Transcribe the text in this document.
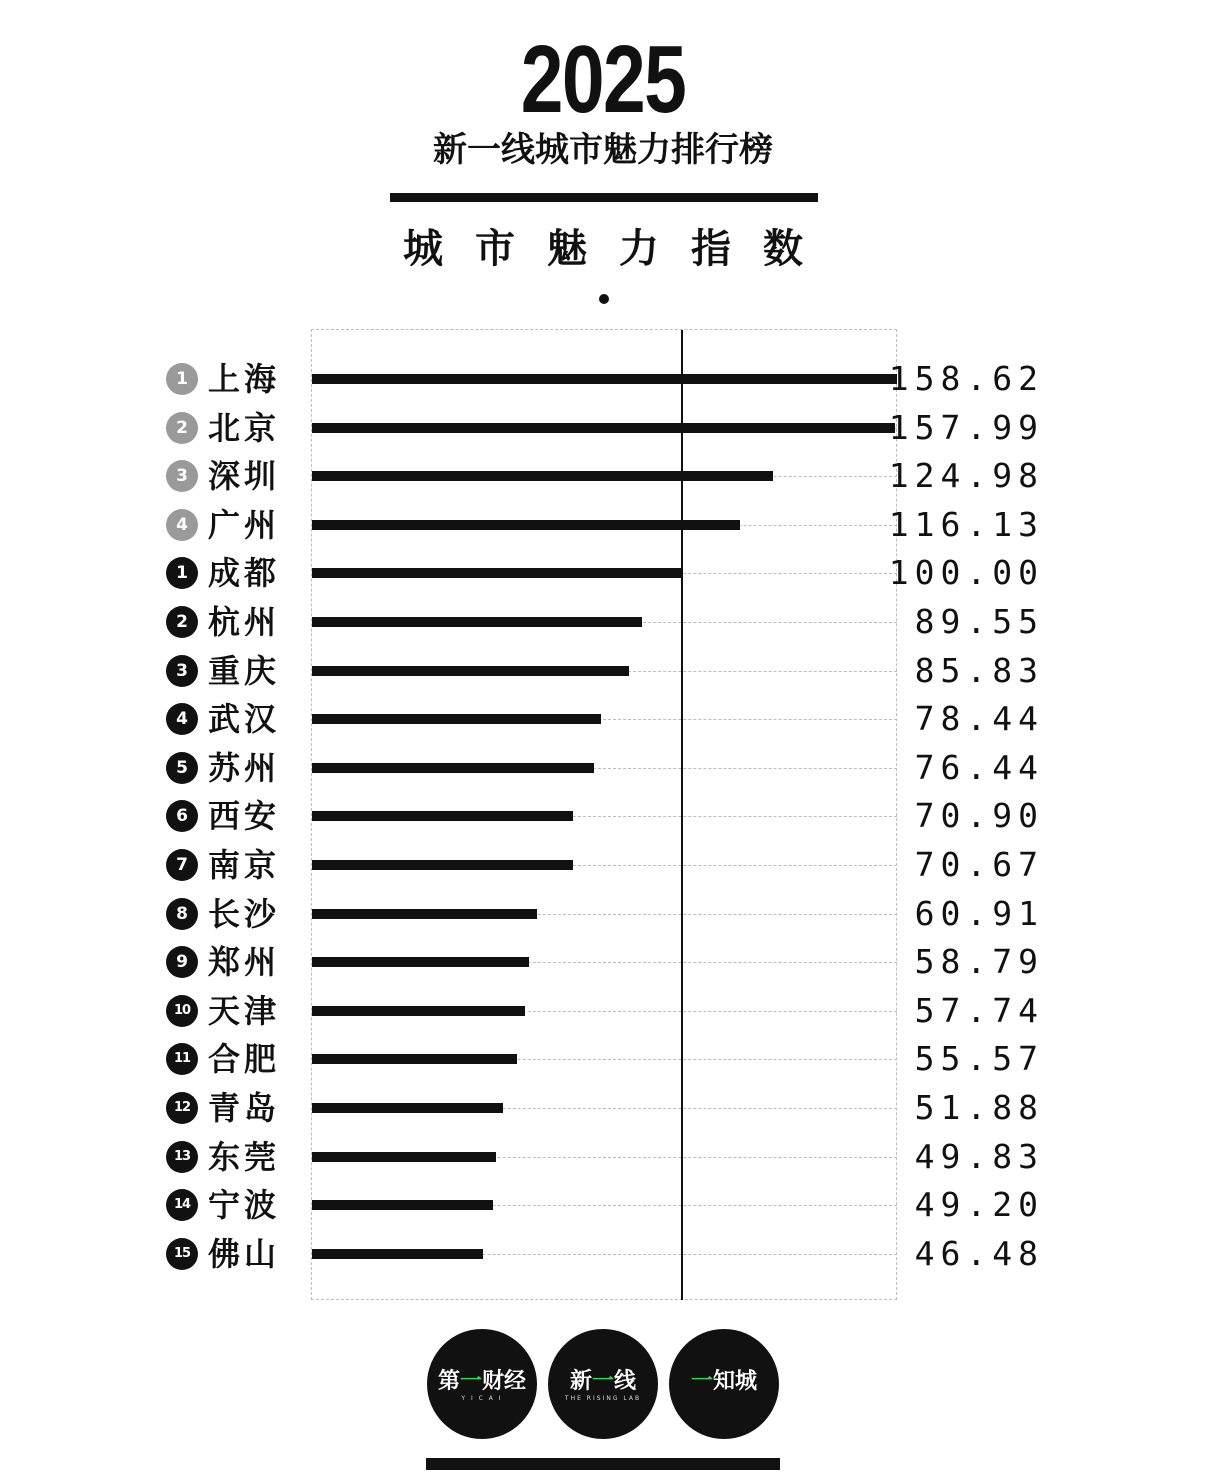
2025
新一线城市魅力排行榜
城市魅力指数
1 上海	158.62
2 北京	157.99
3 深圳	124.98
4 广州	116.13
1 成都	100.00
2 杭州	89.55
3 重庆	85.83
4 武汉	78.44
5 苏州	76.44
6 西安	70.90
7 南京	70.67
8 长沙	60.91
9 郑州	58.79
10 天津	57.74
11 合肥	55.57
12 青岛	51.88
13 东莞	49.83
14 宁波	49.20
15 佛山	46.48
第一财经
Y I C A I
新一线
THE RISING LAB
一知城
